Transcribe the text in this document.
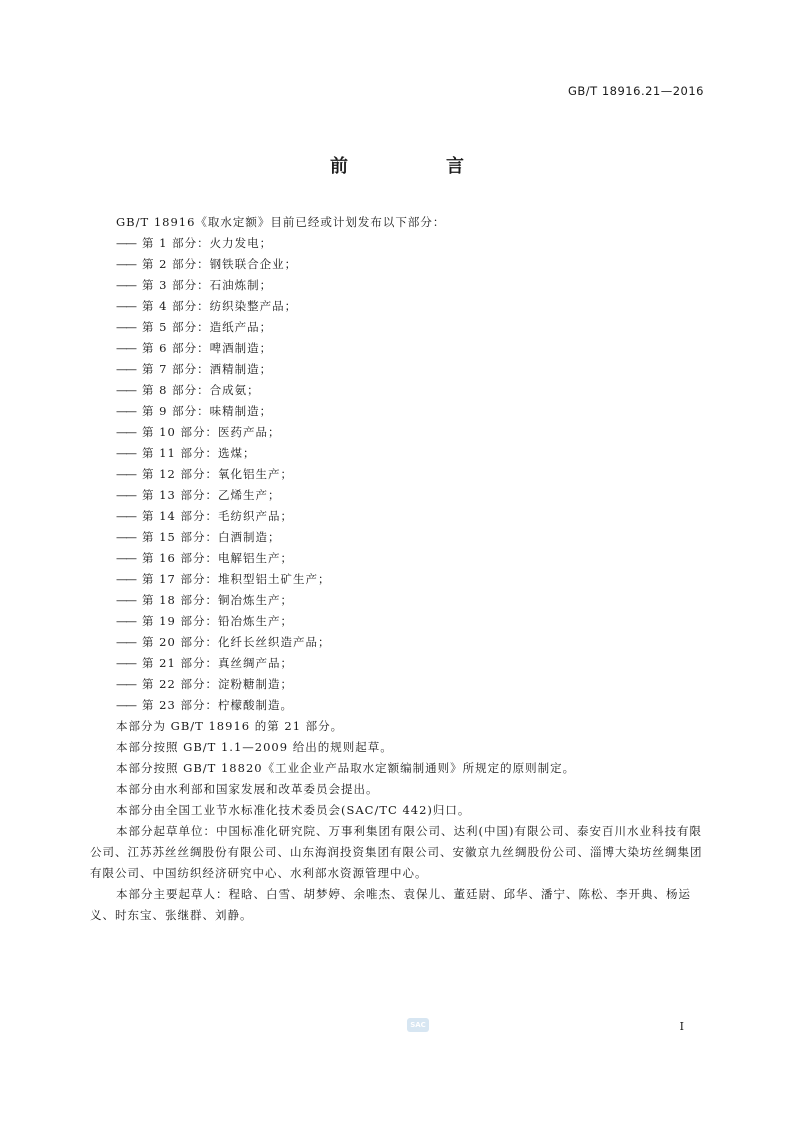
GB/T 18916.21—2016
前　言

GB/T 18916《取水定额》目前已经或计划发布以下部分：

—— 第 1 部分：火力发电；
—— 第 2 部分：钢铁联合企业；
—— 第 3 部分：石油炼制；
—— 第 4 部分：纺织染整产品；
—— 第 5 部分：造纸产品；
—— 第 6 部分：啤酒制造；
—— 第 7 部分：酒精制造；
—— 第 8 部分：合成氨；
—— 第 9 部分：味精制造；
—— 第 10 部分：医药产品；
—— 第 11 部分：选煤；
—— 第 12 部分：氧化铝生产；
—— 第 13 部分：乙烯生产；
—— 第 14 部分：毛纺织产品；
—— 第 15 部分：白酒制造；
—— 第 16 部分：电解铝生产；
—— 第 17 部分：堆积型铝土矿生产；
—— 第 18 部分：铜冶炼生产；
—— 第 19 部分：铅冶炼生产；
—— 第 20 部分：化纤长丝织造产品；
—— 第 21 部分：真丝绸产品；
—— 第 22 部分：淀粉糖制造；
—— 第 23 部分：柠檬酸制造。

本部分为 GB/T 18916 的第 21 部分。

本部分按照 GB/T 1.1—2009 给出的规则起草。

本部分按照 GB/T 18820《工业企业产品取水定额编制通则》所规定的原则制定。

本部分由水利部和国家发展和改革委员会提出。

本部分由全国工业节水标准化技术委员会(SAC/TC 442)归口。

本部分起草单位：中国标准化研究院、万事利集团有限公司、达利(中国)有限公司、泰安百川水业科技有限公司、江苏苏丝丝绸股份有限公司、山东海润投资集团有限公司、安徽京九丝绸股份公司、淄博大染坊丝绸集团有限公司、中国纺织经济研究中心、水利部水资源管理中心。

本部分主要起草人：程晗、白雪、胡梦婷、余唯杰、袁保儿、董廷尉、邱华、潘宁、陈松、李开典、杨运义、时东宝、张继群、刘静。

SAC	I
